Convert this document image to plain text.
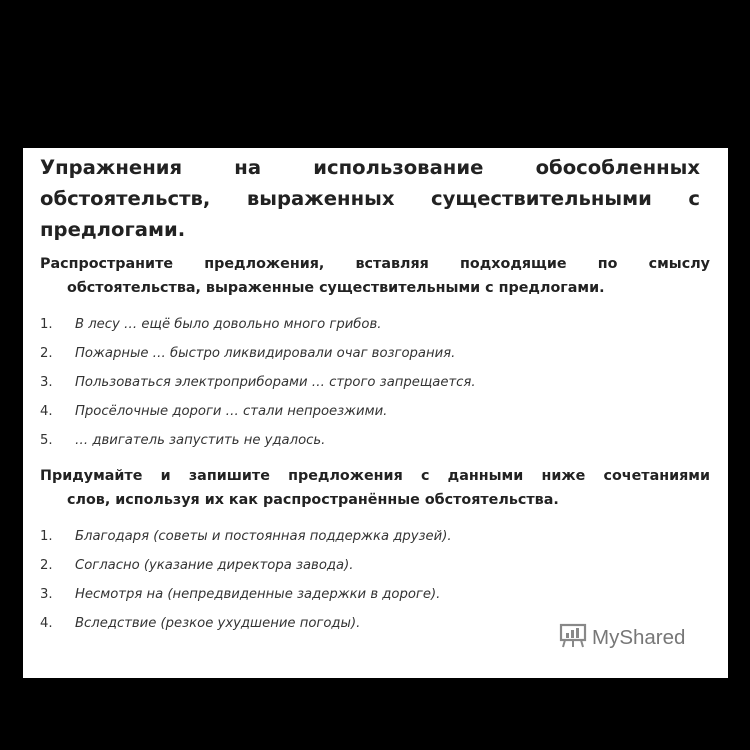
Упражнения на использование обособленных обстоятельств, выраженных существительными с предлогами.
Распространите предложения, вставляя подходящие по смыслу
обстоятельства, выраженные существительными с предлогами.
1. В лесу … ещё было довольно много грибов.
2. Пожарные … быстро ликвидировали очаг возгорания.
3. Пользоваться электроприборами … строго запрещается.
4. Просёлочные дороги … стали непроезжими.
5. … двигатель запустить не удалось.
Придумайте и запишите предложения с данными ниже сочетаниями
слов, используя их как распространённые обстоятельства.
1. Благодаря (советы и постоянная поддержка друзей).
2. Согласно (указание директора завода).
3. Несмотря на (непредвиденные задержки в дороге).
4. Вследствие (резкое ухудшение погоды).
MyShared
